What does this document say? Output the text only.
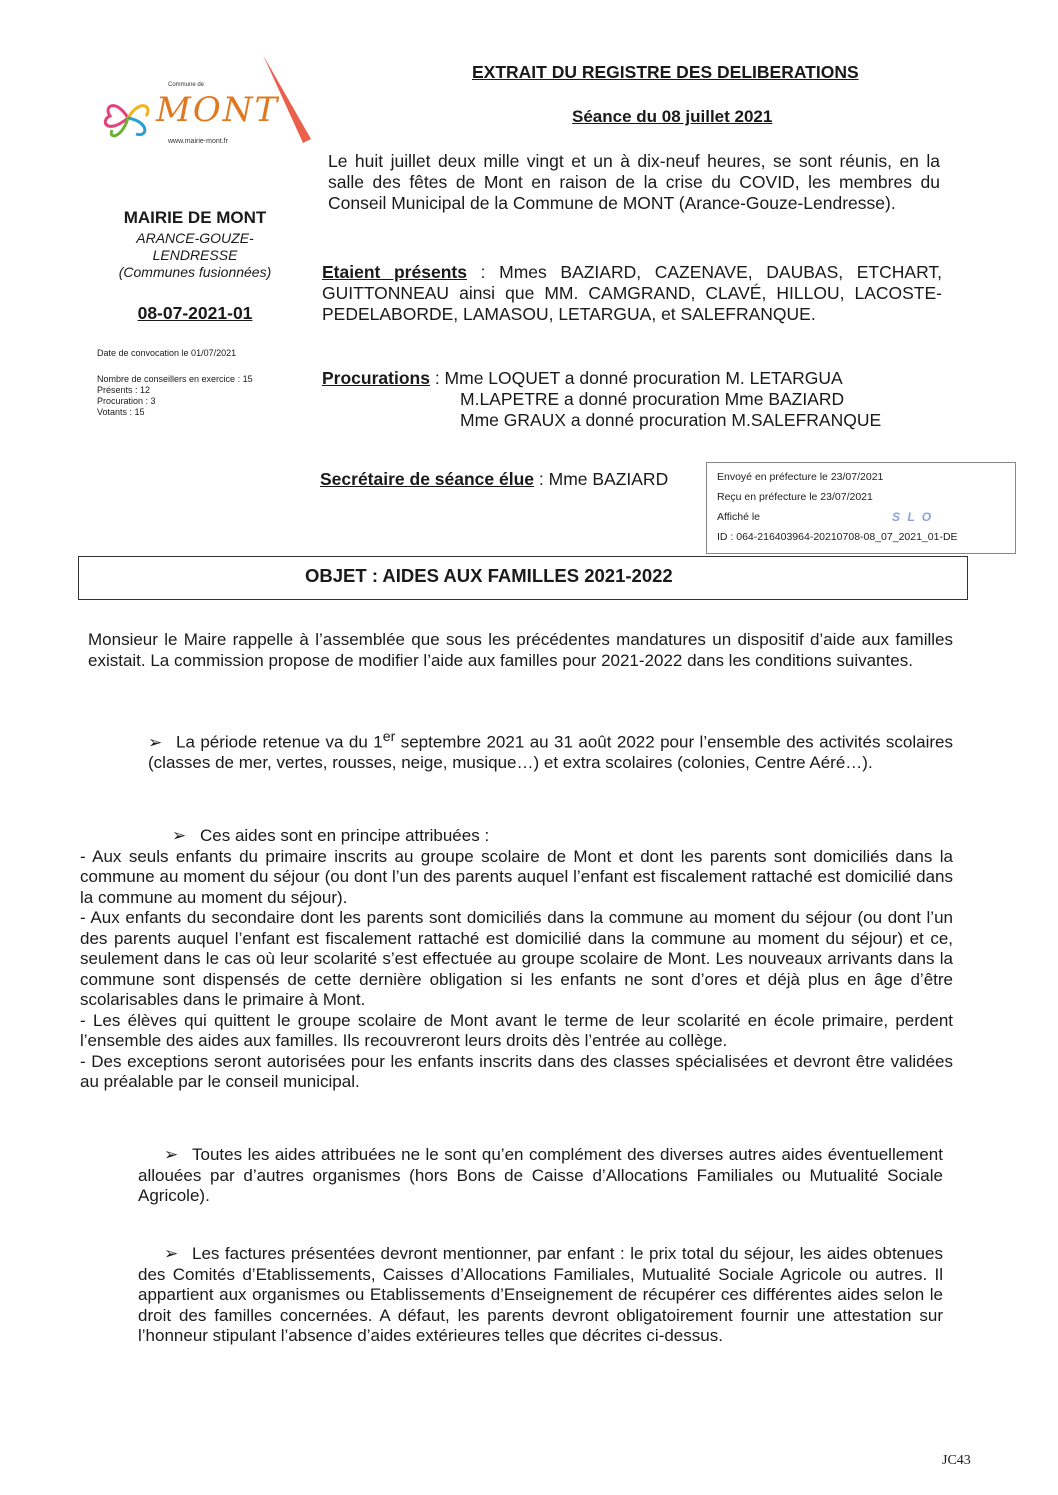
Commune de
MONT
www.mairie-mont.fr
EXTRAIT DU REGISTRE DES DELIBERATIONS
Séance du 08 juillet 2021
MAIRIE DE MONT
ARANCE-GOUZE-LENDRESSE
(Communes fusionnées)
08-07-2021-01
Date de convocation le 01/07/2021
Nombre de conseillers en exercice : 15
Présents : 12
Procuration : 3
Votants : 15
Le huit juillet deux mille vingt et un à dix-neuf heures, se sont réunis, en la salle des fêtes de Mont en raison de la crise du COVID, les membres du Conseil Municipal de la Commune de MONT (Arance-Gouze-Lendresse).
Etaient présents : Mmes BAZIARD, CAZENAVE, DAUBAS, ETCHART, GUITTONNEAU ainsi que MM. CAMGRAND, CLAVÉ, HILLOU, LACOSTE-PEDELABORDE, LAMASOU, LETARGUA, et SALEFRANQUE.
Procurations : Mme LOQUET a donné procuration M. LETARGUA
M.LAPETRE a donné procuration Mme BAZIARD
Mme GRAUX a donné procuration M.SALEFRANQUE
Secrétaire de séance élue : Mme BAZIARD	Envoyé en préfecture le 23/07/2021
Reçu en préfecture le 23/07/2021
Affiché le
ID : 064-216403964-20210708-08_07_2021_01-DE
S L O
OBJET : AIDES AUX FAMILLES 2021-2022
Monsieur le Maire rappelle à l’assemblée que sous les précédentes mandatures un dispositif d’aide aux familles existait. La commission propose de modifier l’aide aux familles pour 2021-2022 dans les conditions suivantes.
➢ La période retenue va du 1er septembre 2021 au 31 août 2022 pour l’ensemble des activités scolaires (classes de mer, vertes, rousses, neige, musique…) et extra scolaires (colonies, Centre Aéré…).
➢ Ces aides sont en principe attribuées :
- Aux seuls enfants du primaire inscrits au groupe scolaire de Mont et dont les parents sont domiciliés dans la commune au moment du séjour (ou dont l’un des parents auquel l’enfant est fiscalement rattaché est domicilié dans la commune au moment du séjour).
- Aux enfants du secondaire dont les parents sont domiciliés dans la commune au moment du séjour (ou dont l’un des parents auquel l’enfant est fiscalement rattaché est domicilié dans la commune au moment du séjour) et ce, seulement dans le cas où leur scolarité s’est effectuée au groupe scolaire de Mont. Les nouveaux arrivants dans la commune sont dispensés de cette dernière obligation si les enfants ne sont d’ores et déjà plus en âge d’être scolarisables dans le primaire à Mont.
- Les élèves qui quittent le groupe scolaire de Mont avant le terme de leur scolarité en école primaire, perdent l’ensemble des aides aux familles. Ils recouvreront leurs droits dès l’entrée au collège.
- Des exceptions seront autorisées pour les enfants inscrits dans des classes spécialisées et devront être validées au préalable par le conseil municipal.
➢ Toutes les aides attribuées ne le sont qu’en complément des diverses autres aides éventuellement allouées par d’autres organismes (hors Bons de Caisse d’Allocations Familiales ou Mutualité Sociale Agricole).
➢ Les factures présentées devront mentionner, par enfant : le prix total du séjour, les aides obtenues des Comités d’Etablissements, Caisses d’Allocations Familiales, Mutualité Sociale Agricole ou autres. Il appartient aux organismes ou Etablissements d’Enseignement de récupérer ces différentes aides selon le droit des familles concernées. A défaut, les parents devront obligatoirement fournir une attestation sur l’honneur stipulant l’absence d’aides extérieures telles que décrites ci-dessus.
JC43
